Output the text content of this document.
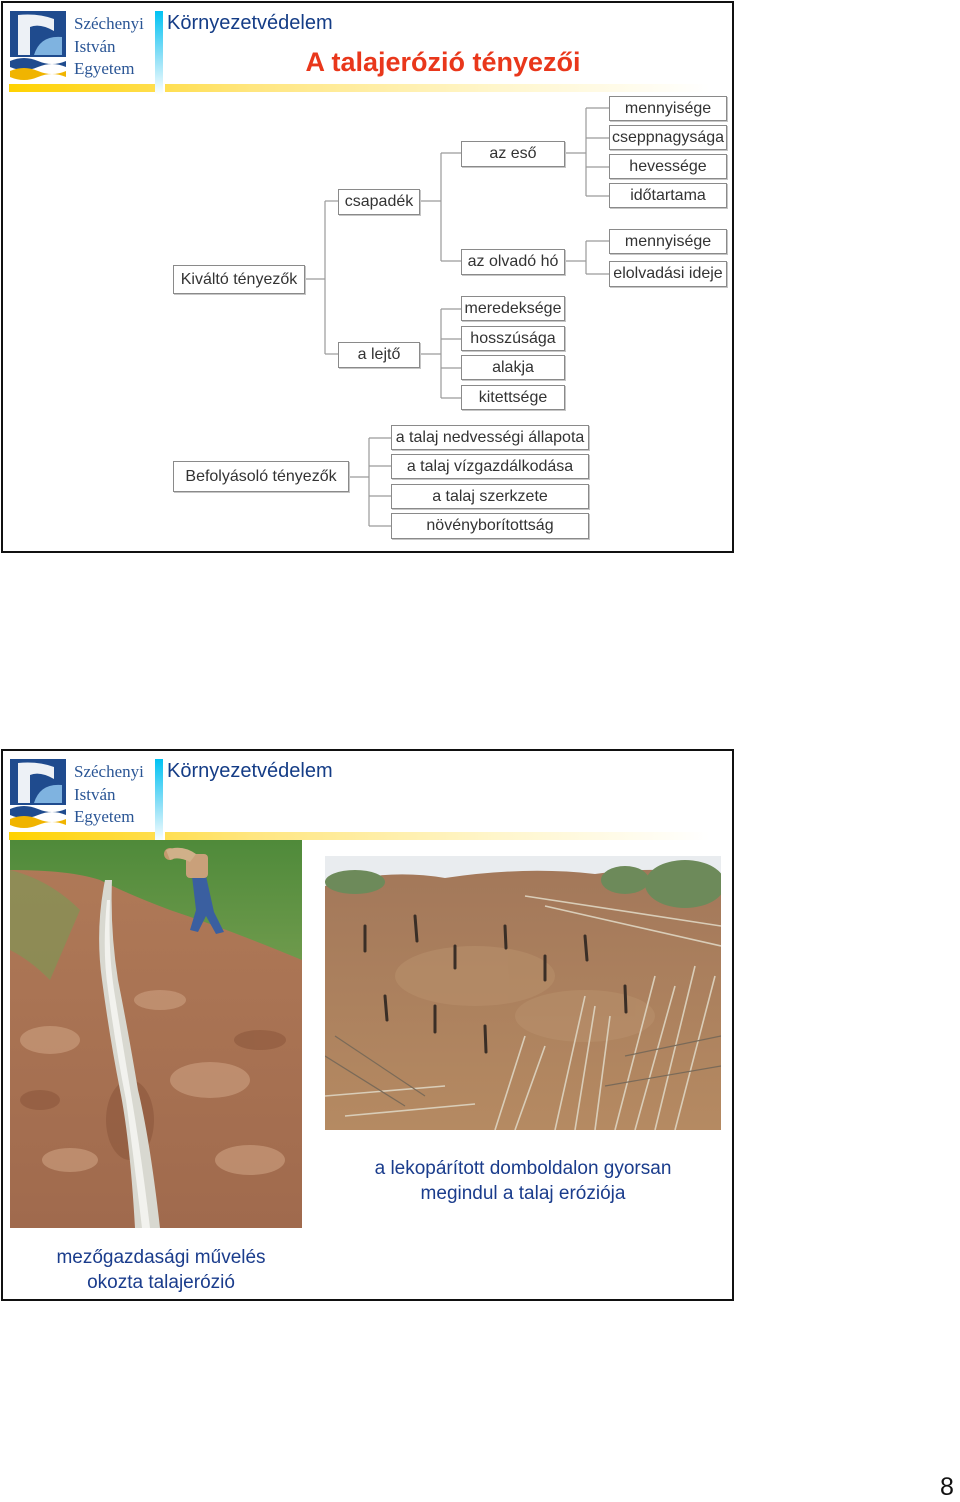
Széchenyi
István
Egyetem
Környezetvédelem
A talajerózió tényezői
Kiváltó tényezők
csapadék
a lejtő
az eső
az olvadó hó
mennyisége
cseppnagysága
hevessége
időtartama
mennyisége
elolvadási ideje
meredeksége
hosszúsága
alakja
kitettsége
Befolyásoló tényezők
a talaj nedvességi állapota
a talaj vízgazdálkodása
a talaj szerkzete
növényborítottság
Széchenyi
István
Egyetem
Környezetvédelem
a lekopárított domboldalon gyorsan
megindul a talaj eróziója
mezőgazdasági művelés
okozta talajerózió
8
